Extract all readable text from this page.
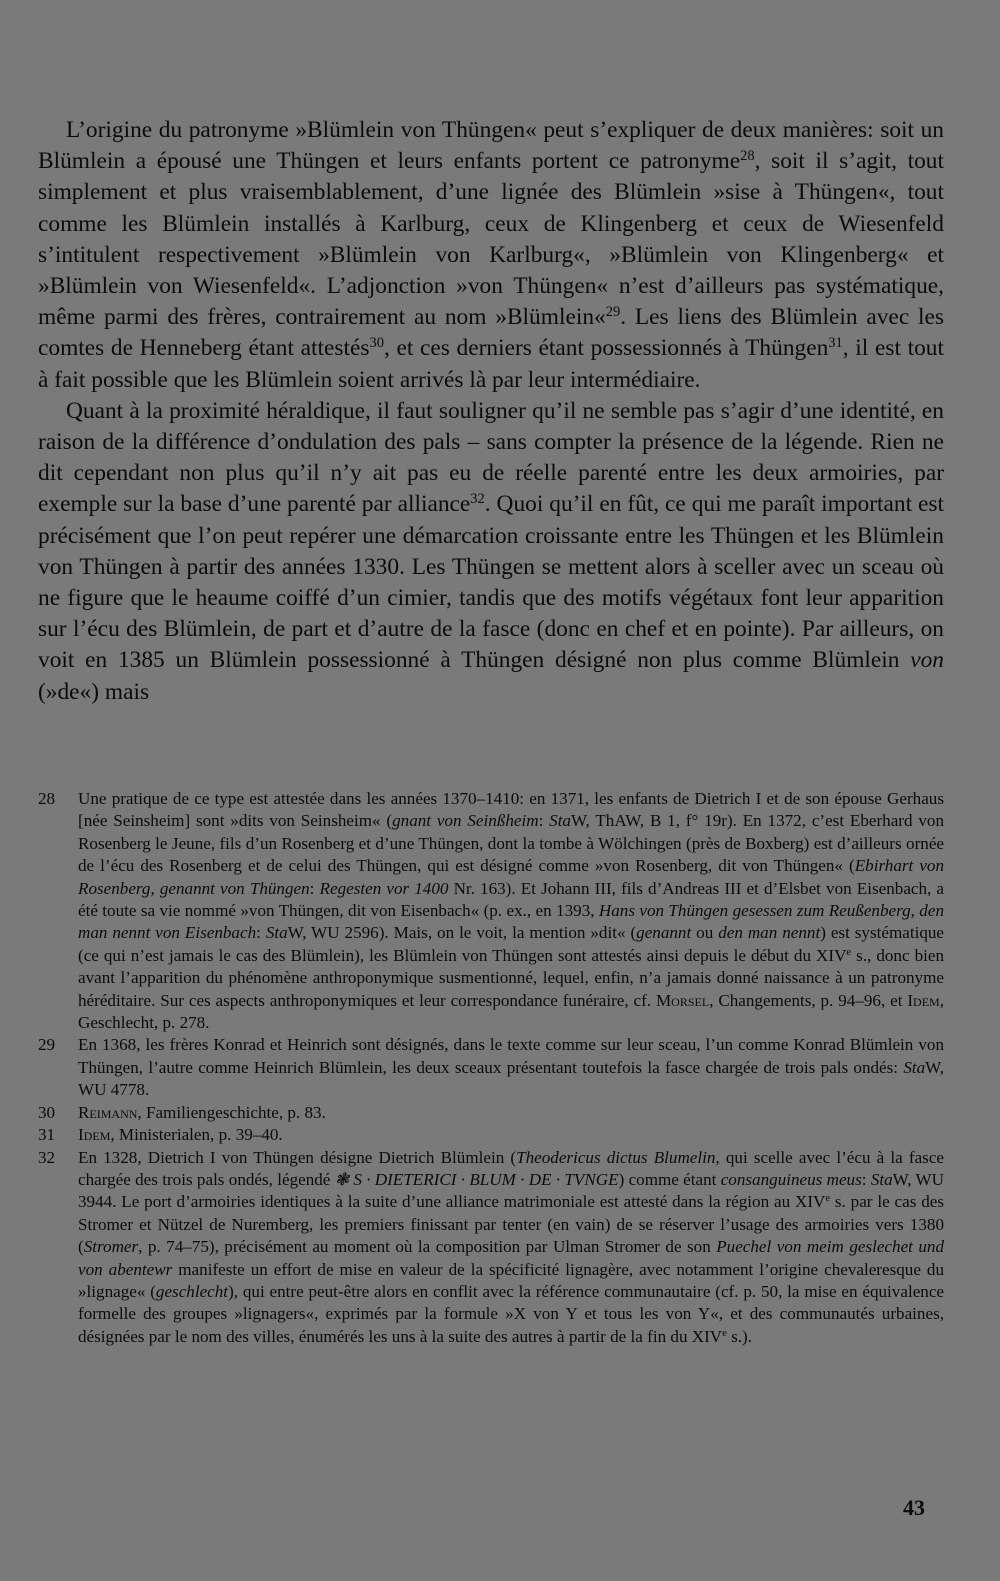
L’origine du patronyme »Blümlein von Thüngen« peut s’expliquer de deux manières: soit un Blümlein a épousé une Thüngen et leurs enfants portent ce patronyme$^{28}$, soit il s’agit, tout simplement et plus vraisemblablement, d’une lignée des Blümlein »sise à Thüngen«, tout comme les Blümlein installés à Karlburg, ceux de Klingenberg et ceux de Wiesenfeld s’intitulent respectivement »Blümlein von Karlburg«, »Blümlein von Klingenberg« et »Blümlein von Wiesenfeld«. L’adjonction »von Thüngen« n’est d’ailleurs pas systématique, même parmi des frères, contrairement au nom »Blümlein«$^{29}$. Les liens des Blümlein avec les comtes de Henneberg étant attestés$^{30}$, et ces derniers étant possessionnés à Thüngen$^{31}$, il est tout à fait possible que les Blümlein soient arrivés là par leur intermédiaire.

Quant à la proximité héraldique, il faut souligner qu’il ne semble pas s’agir d’une identité, en raison de la différence d’ondulation des pals – sans compter la présence de la légende. Rien ne dit cependant non plus qu’il n’y ait pas eu de réelle parenté entre les deux armoiries, par exemple sur la base d’une parenté par alliance$^{32}$. Quoi qu’il en fût, ce qui me paraît important est précisément que l’on peut repérer une démarcation croissante entre les Thüngen et les Blümlein von Thüngen à partir des années 1330. Les Thüngen se mettent alors à sceller avec un sceau où ne figure que le heaume coiffé d’un cimier, tandis que des motifs végétaux font leur apparition sur l’écu des Blümlein, de part et d’autre de la fasce (donc en chef et en pointe). Par ailleurs, on voit en 1385 un Blümlein possessionné à Thüngen désigné non plus comme Blümlein von (»de«) mais

28	Une pratique de ce type est attestée dans les années 1370–1410: en 1371, les enfants de Dietrich I et de son épouse Gerhaus [née Seinsheim] sont »dits von Seinsheim« (gnant von Seinßheim: StaW, ThAW, B 1, f° 19r). En 1372, c’est Eberhard von Rosenberg le Jeune, fils d’un Rosenberg et d’une Thüngen, dont la tombe à Wölchingen (près de Boxberg) est d’ailleurs ornée de l’écu des Rosenberg et de celui des Thüngen, qui est désigné comme »von Rosenberg, dit von Thüngen« (Ebirhart von Rosenberg, genannt von Thüngen: Regesten vor 1400 Nr. 163). Et Johann III, fils d’Andreas III et d’Elsbet von Eisenbach, a été toute sa vie nommé »von Thüngen, dit von Eisenbach« (p. ex., en 1393, Hans von Thüngen gesessen zum Reußenberg, den man nennt von Eisenbach: StaW, WU 2596). Mais, on le voit, la mention »dit« (genannt ou den man nennt) est systématique (ce qui n’est jamais le cas des Blümlein), les Blümlein von Thüngen sont attestés ainsi depuis le début du XIVe s., donc bien avant l’apparition du phénomène anthroponymique susmentionné, lequel, enfin, n’a jamais donné naissance à un patronyme héréditaire. Sur ces aspects anthroponymiques et leur correspondance funéraire, cf. Morsel, Changements, p. 94–96, et Idem, Geschlecht, p. 278.
29	En 1368, les frères Konrad et Heinrich sont désignés, dans le texte comme sur leur sceau, l’un comme Konrad Blümlein von Thüngen, l’autre comme Heinrich Blümlein, les deux sceaux présentant toutefois la fasce chargée de trois pals ondés: StaW, WU 4778.
30	Reimann, Familiengeschichte, p. 83.
31	Idem, Ministerialen, p. 39–40.
32	En 1328, Dietrich I von Thüngen désigne Dietrich Blümlein (Theodericus dictus Blumelin, qui scelle avec l’écu à la fasce chargée des trois pals ondés, légendé ❃ S · DIETERICI · BLUM · DE · TVNGE) comme étant consanguineus meus: StaW, WU 3944. Le port d’armoiries identiques à la suite d’une alliance matrimoniale est attesté dans la région au XIVe s. par le cas des Stromer et Nützel de Nuremberg, les premiers finissant par tenter (en vain) de se réserver l’usage des armoiries vers 1380 (Stromer, p. 74–75), précisément au moment où la composition par Ulman Stromer de son Puechel von meim geslechet und von abentewr manifeste un effort de mise en valeur de la spécificité lignagère, avec notamment l’origine chevaleresque du »lignage« (geschlecht), qui entre peut-être alors en conflit avec la référence communautaire (cf. p. 50, la mise en équivalence formelle des groupes »lignagers«, exprimés par la formule »X von Y et tous les von Y«, et des communautés urbaines, désignées par le nom des villes, énumérés les uns à la suite des autres à partir de la fin du XIVe s.).
43
